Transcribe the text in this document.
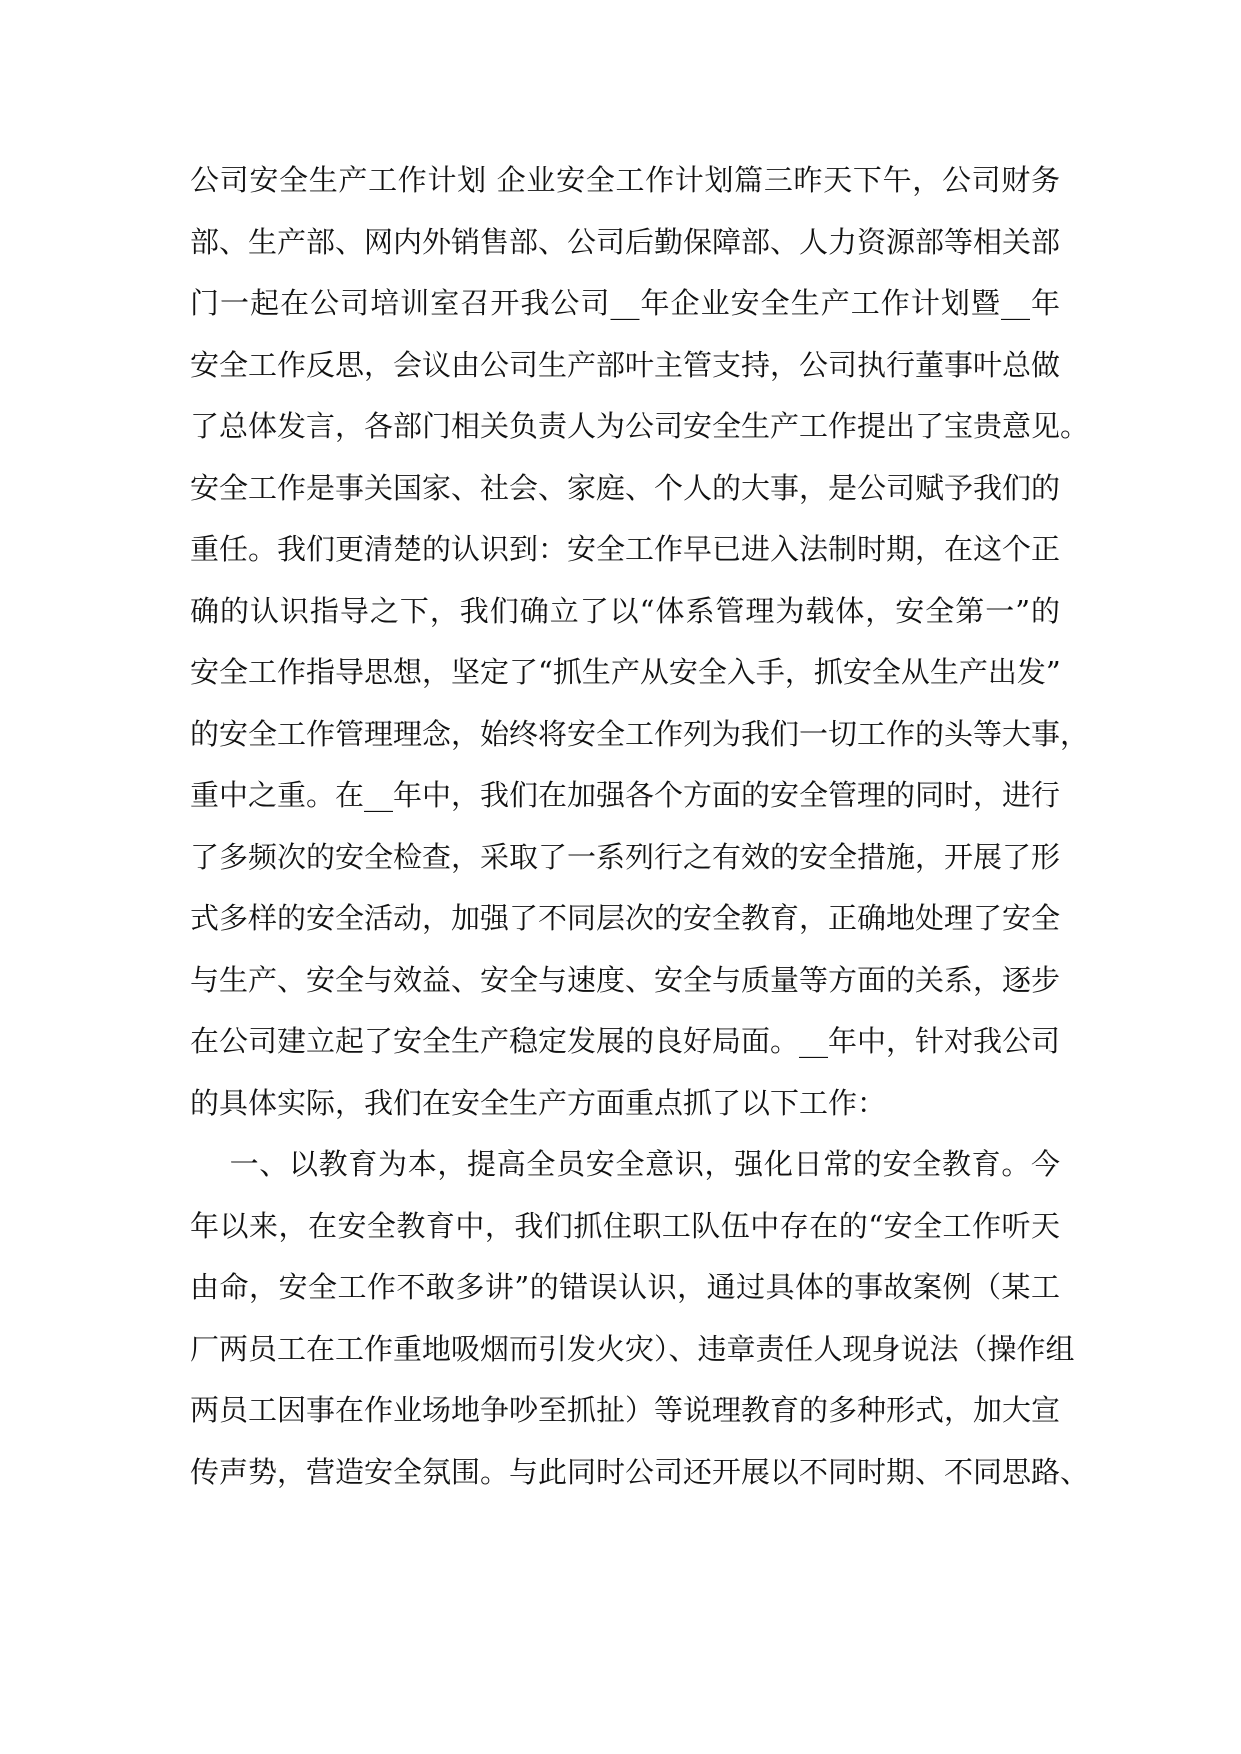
公司安全生产工作计划 企业安全工作计划篇三昨天下午，公司财务
部、生产部、网内外销售部、公司后勤保障部、人力资源部等相关部
门一起在公司培训室召开我公司__年企业安全生产工作计划暨__年
安全工作反思，会议由公司生产部叶主管支持，公司执行董事叶总做
了总体发言，各部门相关负责人为公司安全生产工作提出了宝贵意见。
安全工作是事关国家、社会、家庭、个人的大事，是公司赋予我们的
重任。我们更清楚的认识到：安全工作早已进入法制时期，在这个正
确的认识指导之下，我们确立了以“体系管理为载体，安全第一”的
安全工作指导思想，坚定了“抓生产从安全入手，抓安全从生产出发”
的安全工作管理理念，始终将安全工作列为我们一切工作的头等大事，
重中之重。在__年中，我们在加强各个方面的安全管理的同时，进行
了多频次的安全检查，采取了一系列行之有效的安全措施，开展了形
式多样的安全活动，加强了不同层次的安全教育，正确地处理了安全
与生产、安全与效益、安全与速度、安全与质量等方面的关系，逐步
在公司建立起了安全生产稳定发展的良好局面。__年中，针对我公司
的具体实际，我们在安全生产方面重点抓了以下工作：
一、以教育为本，提高全员安全意识，强化日常的安全教育。今
年以来，在安全教育中，我们抓住职工队伍中存在的“安全工作听天
由命，安全工作不敢多讲”的错误认识，通过具体的事故案例（某工
厂两员工在工作重地吸烟而引发火灾）、违章责任人现身说法（操作组
两员工因事在作业场地争吵至抓扯）等说理教育的多种形式，加大宣
传声势，营造安全氛围。与此同时公司还开展以不同时期、不同思路、
